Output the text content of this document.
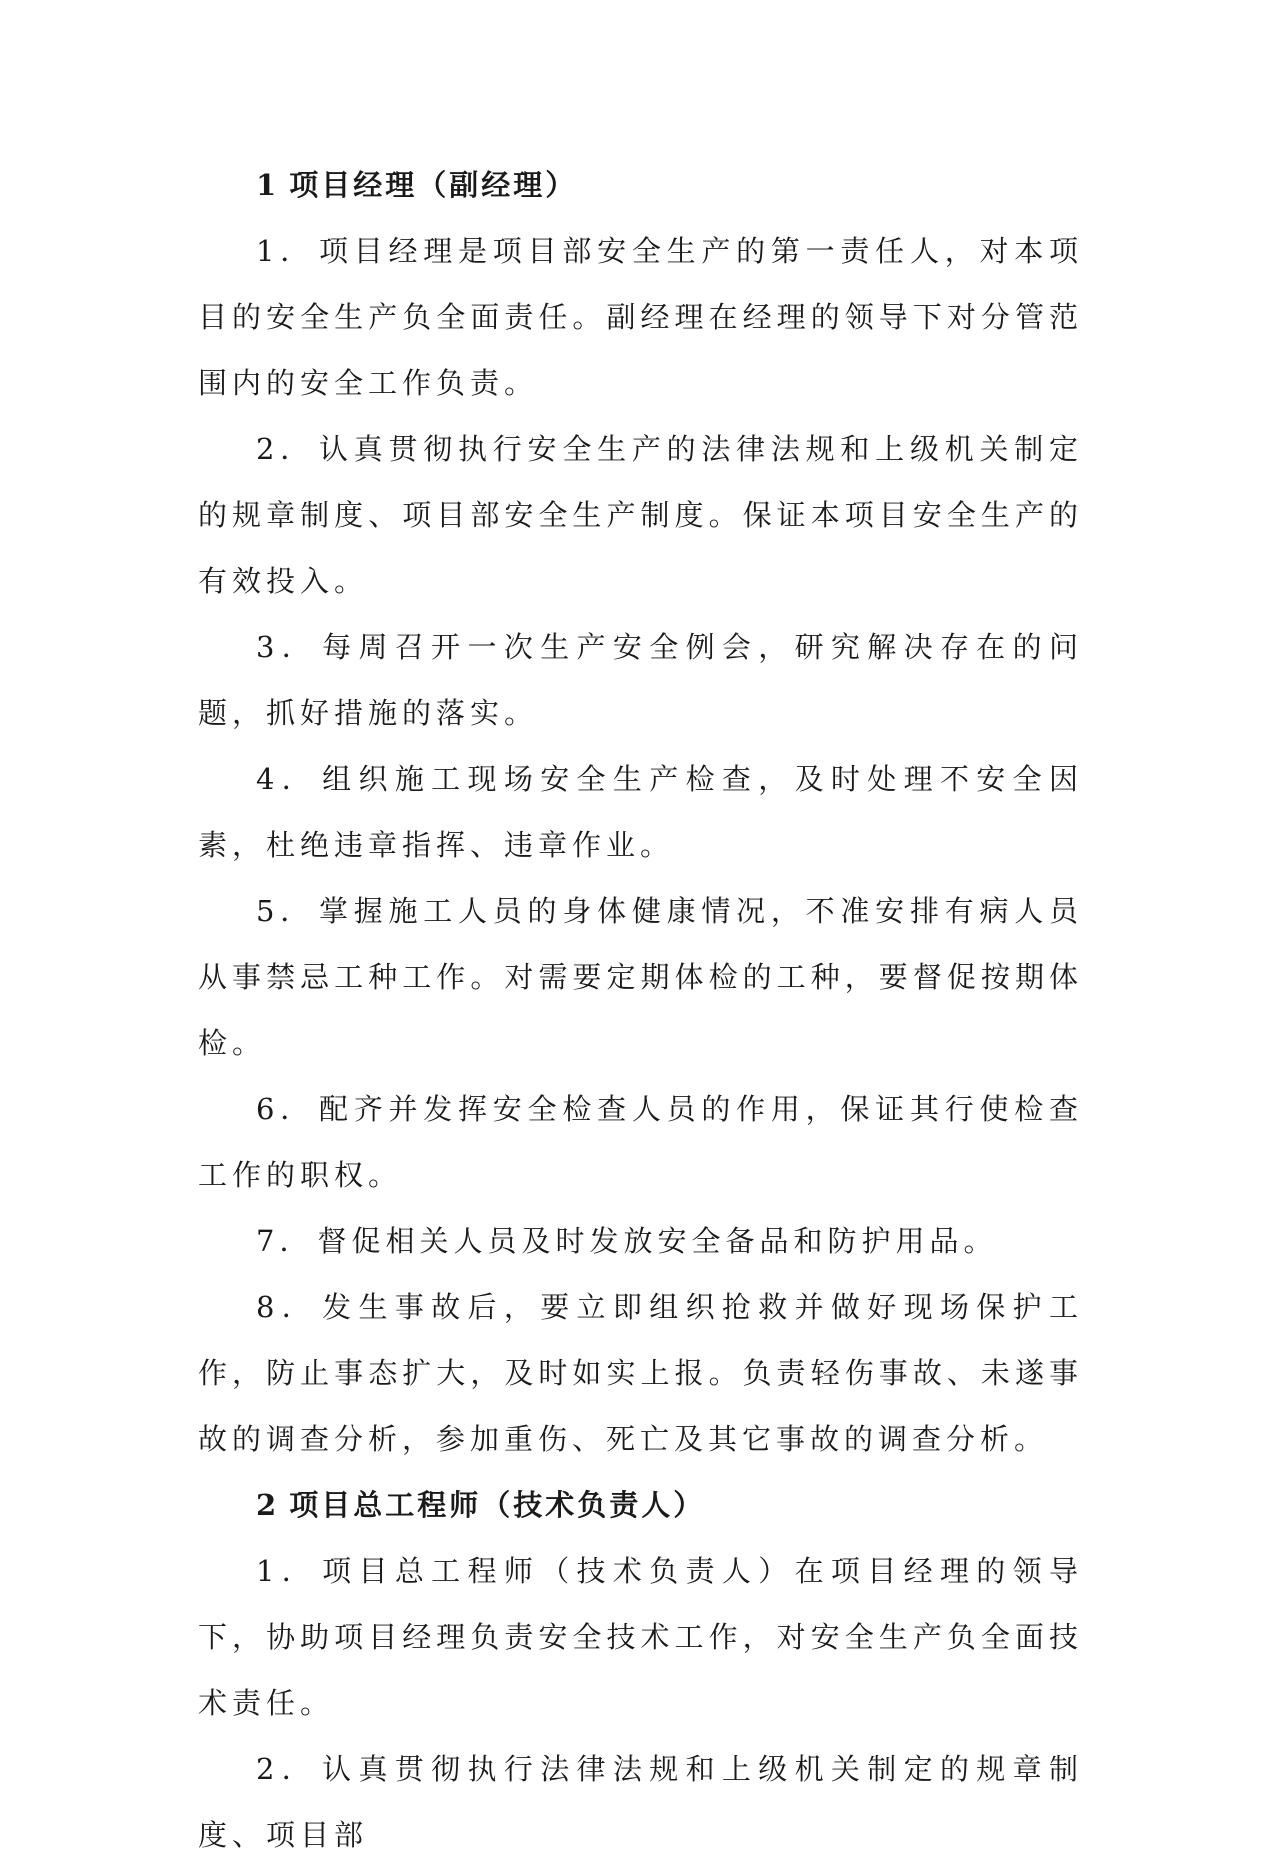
1 项目经理（副经理）

1． 项目经理是项目部安全生产的第一责任人，对本项目的安全生产负全面责任。副经理在经理的领导下对分管范围内的安全工作负责。

2． 认真贯彻执行安全生产的法律法规和上级机关制定的规章制度、项目部安全生产制度。保证本项目安全生产的有效投入。

3． 每周召开一次生产安全例会，研究解决存在的问题，抓好措施的落实。

4． 组织施工现场安全生产检查，及时处理不安全因素，杜绝违章指挥、违章作业。

5． 掌握施工人员的身体健康情况，不准安排有病人员从事禁忌工种工作。对需要定期体检的工种，要督促按期体检。

6． 配齐并发挥安全检查人员的作用，保证其行使检查工作的职权。

7． 督促相关人员及时发放安全备品和防护用品。

8． 发生事故后，要立即组织抢救并做好现场保护工作，防止事态扩大，及时如实上报。负责轻伤事故、未遂事故的调查分析，参加重伤、死亡及其它事故的调查分析。

2 项目总工程师（技术负责人）

1． 项目总工程师（技术负责人）在项目经理的领导下，协助项目经理负责安全技术工作，对安全生产负全面技术责任。

2． 认真贯彻执行法律法规和上级机关制定的规章制度、项目部
